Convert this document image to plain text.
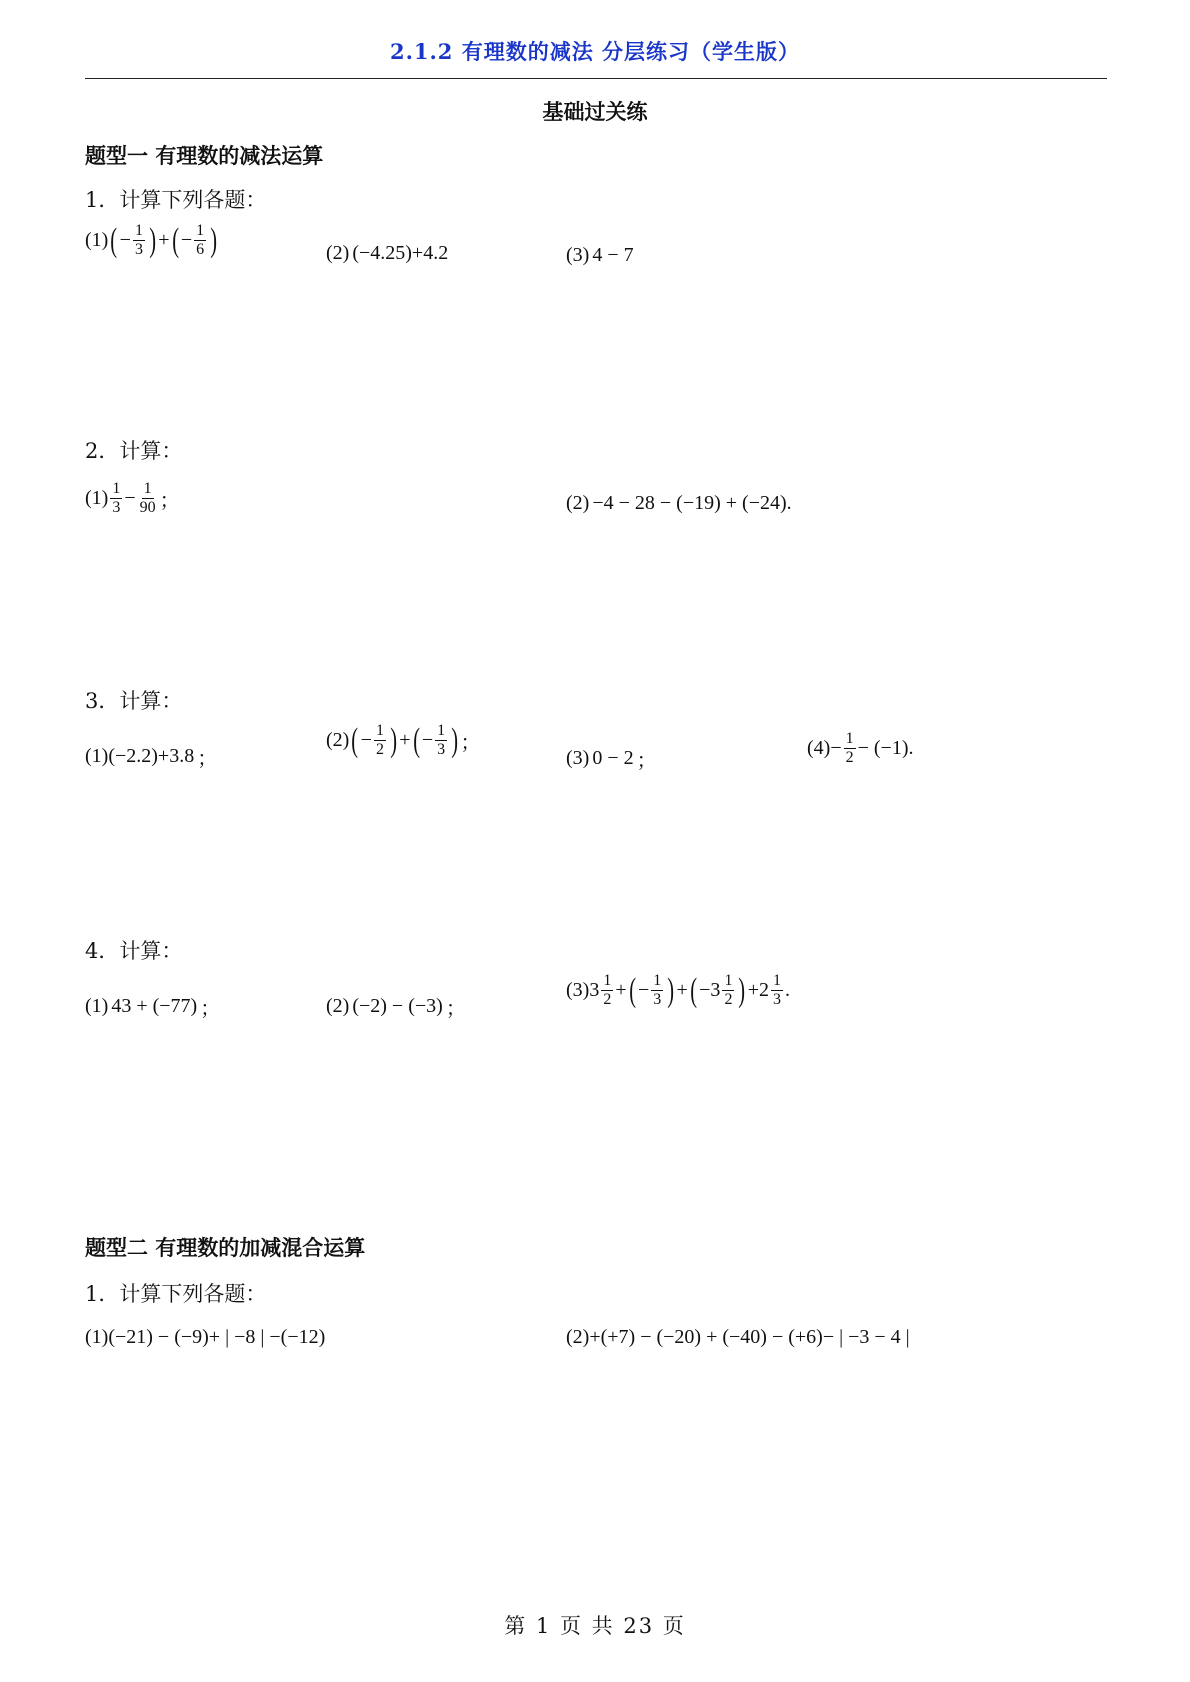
2.1.2 有理数的减法 分层练习（学生版）
基础过关练
题型一 有理数的减法运算
1．计算下列各题：
(1) ( − $\frac{1}{3}$ ) + ( − $\frac{1}{6}$ )	(2) (−4.25)+4.2	(3) 4 − 7
2．计算：
$(1) \frac{1}{3} - \frac{1}{90}$ ；	(2) −4 − 28 − (−19) + (−24) .
3．计算：
(1) (−2.2)+3.8 ；
(2) ( − $\frac{1}{2}$ ) + ( − $\frac{1}{3}$ ) ；
(3) 0 − 2 ；
$(4) - \frac{1}{2} - (-1)$ .
4．计算：
(1) 43 + (−77) ；	(2) (−2) − (−3) ；
(3) $3 \frac{1}{2}$ + ( − $\frac{1}{3}$ ) + ( $-3 \frac{1}{2}$ ) + $2 \frac{1}{3}$ .
题型二 有理数的加减混合运算
1．计算下列各题：
(1) (−21) − (−9)+ | −8 | −(−12)	(2) +(+7) − (−20) + (−40) − (+6)− | −3 − 4 |
第 1 页 共 23 页
